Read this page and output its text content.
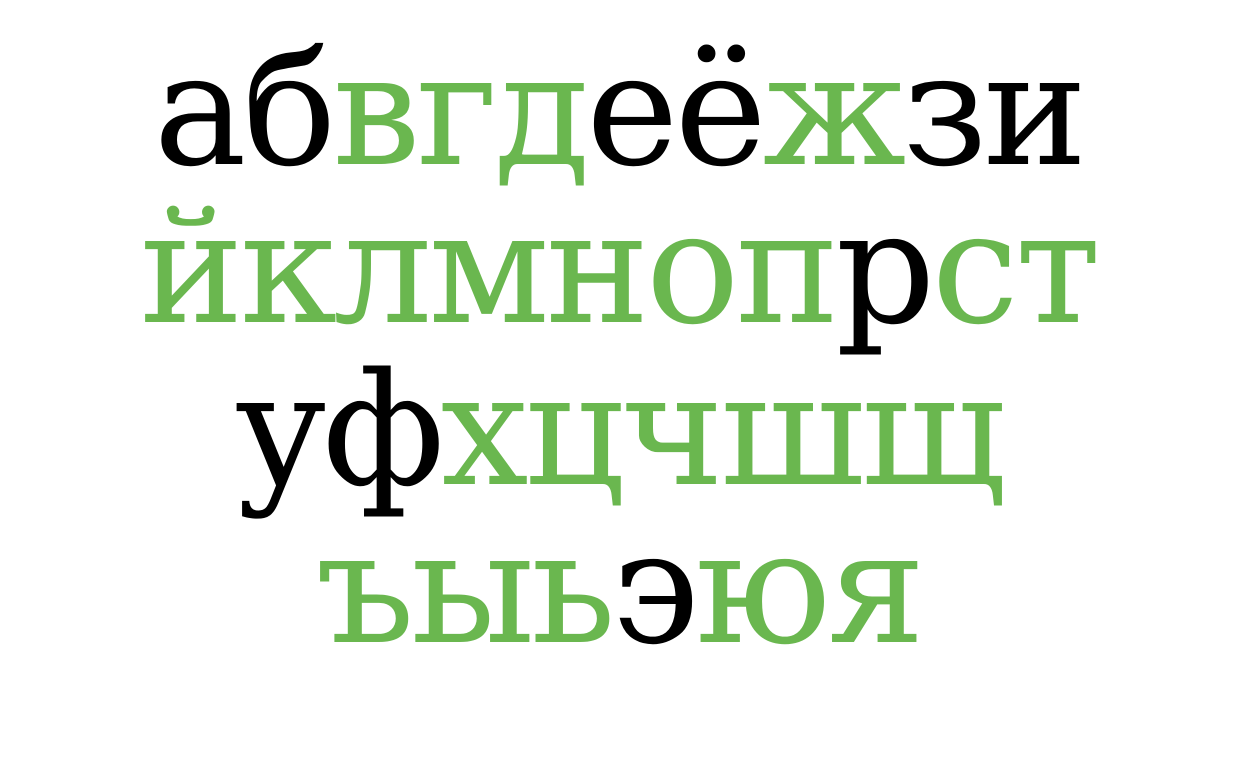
абвгдеёжзи
йклмнопрст
уфхцчшщ
ъыьэюя
